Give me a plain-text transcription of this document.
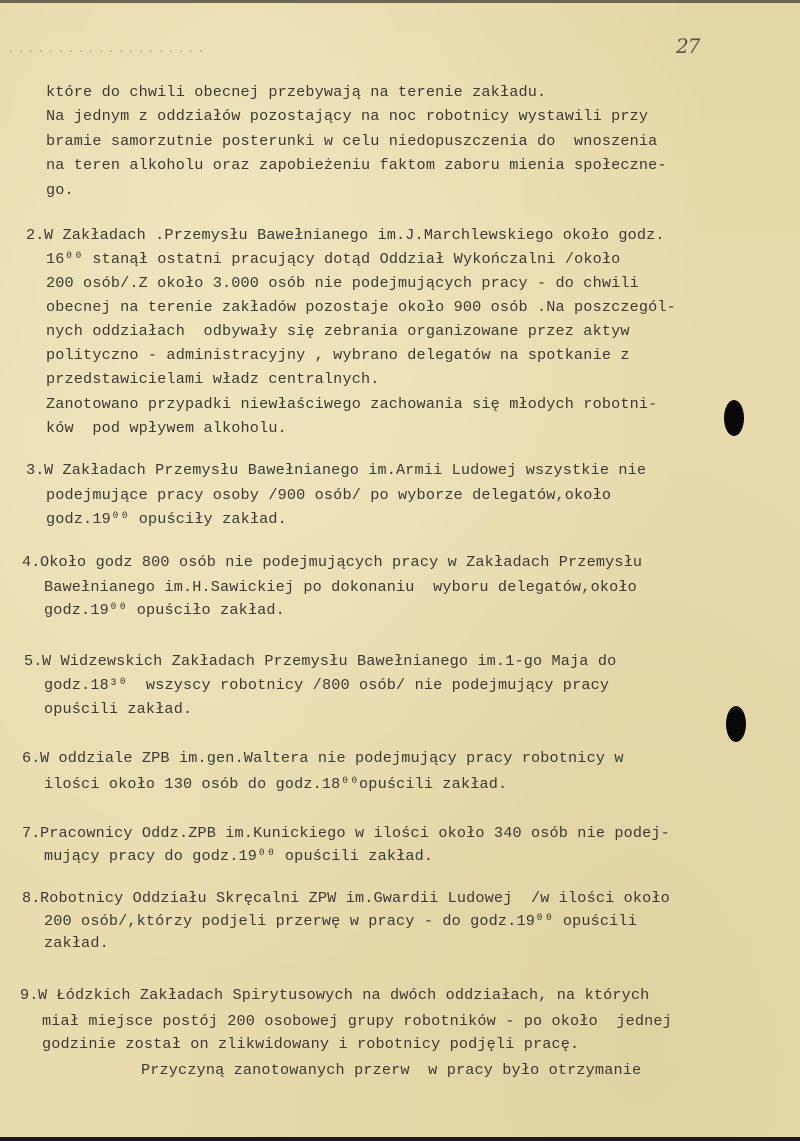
27
które do chwili obecnej przebywają na terenie zakładu.
Na jednym z oddziałów pozostający na noc robotnicy wystawili przy
bramie samorzutnie posterunki w celu niedopuszczenia do  wnoszenia
na teren alkoholu oraz zapobieżeniu faktom zaboru mienia społeczne-
go.
2. W Zakładach .Przemysłu Bawełnianego im.J.Marchlewskiego około godz.
16⁰⁰ stanął ostatni pracujący dotąd Oddział Wykończalni /około
200 osób/.Z około 3.000 osób nie podejmujących pracy - do chwili
obecnej na terenie zakładów pozostaje około 900 osób .Na poszczegól-
nych oddziałach  odbywały się zebrania organizowane przez aktyw
polityczno - administracyjny , wybrano delegatów na spotkanie z
przedstawicielami władz centralnych.
Zanotowano przypadki niewłaściwego zachowania się młodych robotni-
ków  pod wpływem alkoholu.
3. W Zakładach Przemysłu Bawełnianego im.Armii Ludowej wszystkie nie
podejmujące pracy osoby /900 osób/ po wyborze delegatów,około
godz.19⁰⁰ opuściły zakład.
4. Około godz 800 osób nie podejmujących pracy w Zakładach Przemysłu
Bawełnianego im.H.Sawickiej po dokonaniu  wyboru delegatów,około
godz.19⁰⁰ opuściło zakład.
5. W Widzewskich Zakładach Przemysłu Bawełnianego im.1-go Maja do
godz.18³⁰  wszyscy robotnicy /800 osób/ nie podejmujący pracy
opuścili zakład.
6. W oddziale ZPB im.gen.Waltera nie podejmujący pracy robotnicy w
ilości około 130 osób do godz.18⁰⁰opuścili zakład.
7. Pracownicy Oddz.ZPB im.Kunickiego w ilości około 340 osób nie podej-
mujący pracy do godz.19⁰⁰ opuścili zakład.
8. Robotnicy Oddziału Skręcalni ZPW im.Gwardii Ludowej  /w ilości około
200 osób/,którzy podjeli przerwę w pracy - do godz.19⁰⁰ opuścili
zakład.
9. W Łódzkich Zakładach Spirytusowych na dwóch oddziałach, na których
miał miejsce postój 200 osobowej grupy robotników - po około  jednej
godzinie został on zlikwidowany i robotnicy podjęli pracę.
Przyczyną zanotowanych przerw  w pracy było otrzymanie
